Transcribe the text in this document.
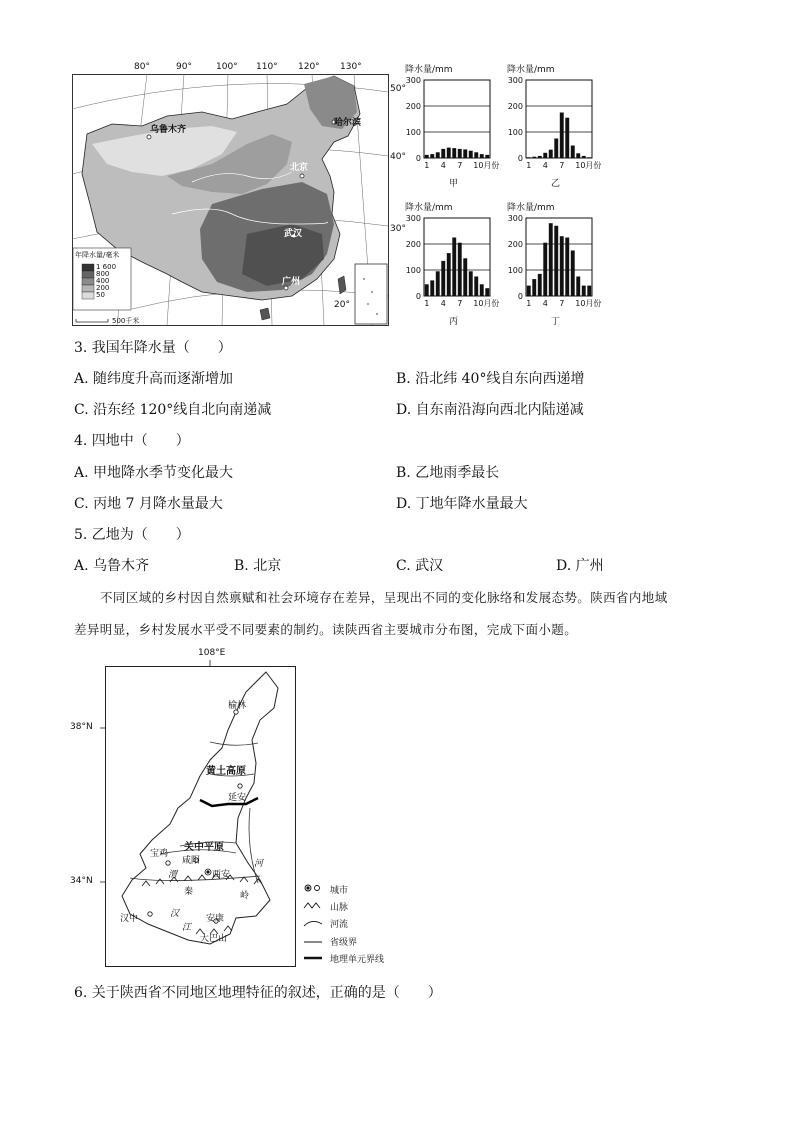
80°	90°	100° 110° 120° 130°
50°
40°
30°
20°
乌鲁木齐
哈尔滨
北京
武汉
广州
年降水量/毫米
1 600
800
400
200
50
500千米
降水量/mm
300
200
100
0
1 4 7 10月份
甲
降水量/mm
300
200
100
0
1 4 7 10月份
乙
降水量/mm
300
200
100
0
1 4 7 10月份
丙
降水量/mm
300
200
100
0
1 4 7 10月份
丁
3. 我国年降水量（　　）
A. 随纬度升高而逐渐增加	B. 沿北纬 40°线自东向西递增
C. 沿东经 120°线自北向南递减	D. 自东南沿海向西北内陆递减
4. 四地中（　　）
A. 甲地降水季节变化最大	B. 乙地雨季最长
C. 丙地 7 月降水量最大	D. 丁地年降水量最大
5. 乙地为（　　）
A. 乌鲁木齐	B. 北京	C. 武汉	D. 广州
不同区域的乡村因自然禀赋和社会环境存在差异，呈现出不同的变化脉络和发展态势。陕西省内地域
差异明显，乡村发展水平受不同要素的制约。读陕西省主要城市分布图，完成下面小题。
108°E
38°N
34°N
榆林
黄土高原
延安
关中平原
宝鸡
咸阳
西安
渭
河
秦	岭
汉中	汉
江
安康
大巴山
城市
山脉
河流
省级界
地理单元界线
6. 关于陕西省不同地区地理特征的叙述，正确的是（　　）
